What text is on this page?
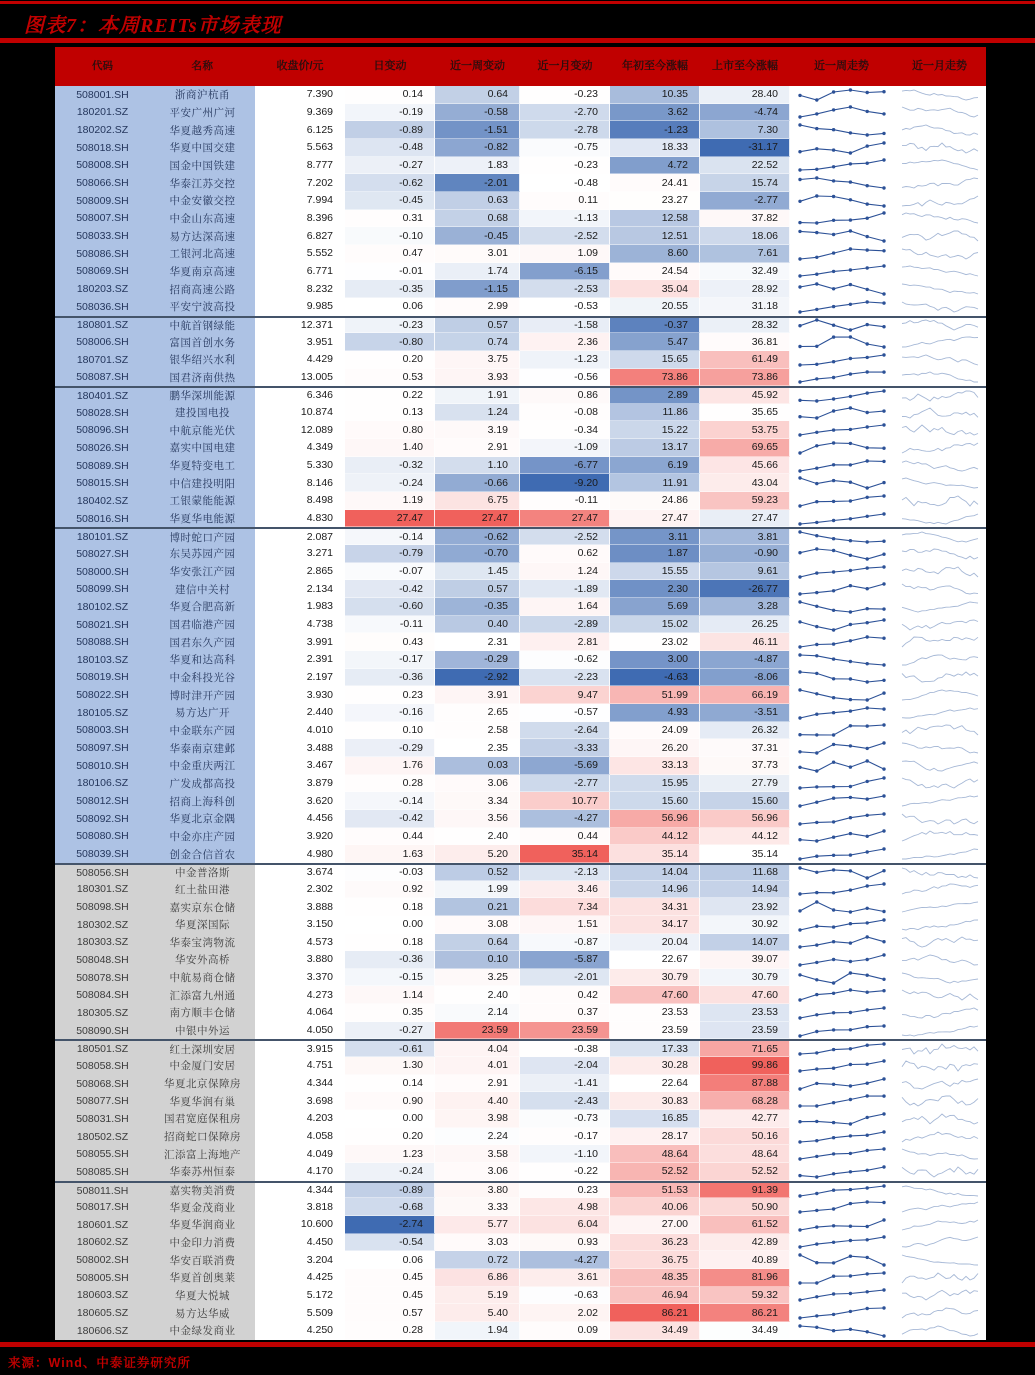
图表7：本周REITs市场表现
代码	名称	收盘价/元	日变动	近一周变动	近一月变动	年初至今涨幅	上市至今涨幅	近一周走势	近一月走势
508001.SH	浙商沪杭甬	7.390	0.14	0.64	-0.23	10.35	28.40
180201.SZ	平安广州广河	9.369	-0.19	-0.58	-2.70	3.62	-4.74
180202.SZ	华夏越秀高速	6.125	-0.89	-1.51	-2.78	-1.23	7.30
508018.SH	华夏中国交建	5.563	-0.48	-0.82	-0.75	18.33	-31.17
508008.SH	国金中国铁建	8.777	-0.27	1.83	-0.23	4.72	22.52
508066.SH	华泰江苏交控	7.202	-0.62	-2.01	-0.48	24.41	15.74
508009.SH	中金安徽交控	7.994	-0.45	0.63	0.11	23.27	-2.77
508007.SH	中金山东高速	8.396	0.31	0.68	-1.13	12.58	37.82
508033.SH	易方达深高速	6.827	-0.10	-0.45	-2.52	12.51	18.06
508086.SH	工银河北高速	5.552	0.47	3.01	1.09	8.60	7.61
508069.SH	华夏南京高速	6.771	-0.01	1.74	-6.15	24.54	32.49
180203.SZ	招商高速公路	8.232	-0.35	-1.15	-2.53	35.04	28.92
508036.SH	平安宁波高投	9.985	0.06	2.99	-0.53	20.55	31.18
180801.SZ	中航首钢绿能	12.371	-0.23	0.57	-1.58	-0.37	28.32
508006.SH	富国首创水务	3.951	-0.80	0.74	2.36	5.47	36.81
180701.SZ	银华绍兴水利	4.429	0.20	3.75	-1.23	15.65	61.49
508087.SH	国君济南供热	13.005	0.53	3.93	-0.56	73.86	73.86
180401.SZ	鹏华深圳能源	6.346	0.22	1.91	0.86	2.89	45.92
508028.SH	建投国电投	10.874	0.13	1.24	-0.08	11.86	35.65
508096.SH	中航京能光伏	12.089	0.80	3.19	-0.34	15.22	53.75
508026.SH	嘉实中国电建	4.349	1.40	2.91	-1.09	13.17	69.65
508089.SH	华夏特变电工	5.330	-0.32	1.10	-6.77	6.19	45.66
508015.SH	中信建投明阳	8.146	-0.24	-0.66	-9.20	11.91	43.04
180402.SZ	工银蒙能能源	8.498	1.19	6.75	-0.11	24.86	59.23
508016.SH	华夏华电能源	4.830	27.47	27.47	27.47	27.47	27.47
180101.SZ	博时蛇口产园	2.087	-0.14	-0.62	-2.52	3.11	3.81
508027.SH	东吴苏园产园	3.271	-0.79	-0.70	0.62	1.87	-0.90
508000.SH	华安张江产园	2.865	-0.07	1.45	1.24	15.55	9.61
508099.SH	建信中关村	2.134	-0.42	0.57	-1.89	2.30	-26.77
180102.SZ	华夏合肥高新	1.983	-0.60	-0.35	1.64	5.69	3.28
508021.SH	国君临港产园	4.738	-0.11	0.40	-2.89	15.02	26.25
508088.SH	国君东久产园	3.991	0.43	2.31	2.81	23.02	46.11
180103.SZ	华夏和达高科	2.391	-0.17	-0.29	-0.62	3.00	-4.87
508019.SH	中金科投光谷	2.197	-0.36	-2.92	-2.23	-4.63	-8.06
508022.SH	博时津开产园	3.930	0.23	3.91	9.47	51.99	66.19
180105.SZ	易方达广开	2.440	-0.16	2.65	-0.57	4.93	-3.51
508003.SH	中金联东产园	4.010	0.10	2.58	-2.64	24.09	26.32
508097.SH	华泰南京建邺	3.488	-0.29	2.35	-3.33	26.20	37.31
508010.SH	中金重庆两江	3.467	1.76	0.03	-5.69	33.13	37.73
180106.SZ	广发成都高投	3.879	0.28	3.06	-2.77	15.95	27.79
508012.SH	招商上海科创	3.620	-0.14	3.34	10.77	15.60	15.60
508092.SH	华夏北京金隅	4.456	-0.42	3.56	-4.27	56.96	56.96
508080.SH	中金亦庄产园	3.920	0.44	2.40	0.44	44.12	44.12
508039.SH	创金合信首农	4.980	1.63	5.20	35.14	35.14	35.14
508056.SH	中金普洛斯	3.674	-0.03	0.52	-2.13	14.04	11.68
180301.SZ	红土盐田港	2.302	0.92	1.99	3.46	14.96	14.94
508098.SH	嘉实京东仓储	3.888	0.18	0.21	7.34	34.31	23.92
180302.SZ	华夏深国际	3.150	0.00	3.08	1.51	34.17	30.92
180303.SZ	华泰宝湾物流	4.573	0.18	0.64	-0.87	20.04	14.07
508048.SH	华安外高桥	3.880	-0.36	0.10	-5.87	22.67	39.07
508078.SH	中航易商仓储	3.370	-0.15	3.25	-2.01	30.79	30.79
508084.SH	汇添富九州通	4.273	1.14	2.40	0.42	47.60	47.60
180305.SZ	南方顺丰仓储	4.064	0.35	2.14	0.37	23.53	23.53
508090.SH	中银中外运	4.050	-0.27	23.59	23.59	23.59	23.59
180501.SZ	红土深圳安居	3.915	-0.61	4.04	-0.38	17.33	71.65
508058.SH	中金厦门安居	4.751	1.30	4.01	-2.04	30.28	99.86
508068.SH	华夏北京保障房	4.344	0.14	2.91	-1.41	22.64	87.88
508077.SH	华夏华润有巢	3.698	0.90	4.40	-2.43	30.83	68.28
508031.SH	国君宽庭保租房	4.203	0.00	3.98	-0.73	16.85	42.77
180502.SZ	招商蛇口保障房	4.058	0.20	2.24	-0.17	28.17	50.16
508055.SH	汇添富上海地产	4.049	1.23	3.58	-1.10	48.64	48.64
508085.SH	华泰苏州恒泰	4.170	-0.24	3.06	-0.22	52.52	52.52
508011.SH	嘉实物美消费	4.344	-0.89	3.80	0.23	51.53	91.39
508017.SH	华夏金茂商业	3.818	-0.68	3.33	4.98	40.06	50.90
180601.SZ	华夏华润商业	10.600	-2.74	5.77	6.04	27.00	61.52
180602.SZ	中金印力消费	4.450	-0.54	3.03	0.93	36.23	42.89
508002.SH	华安百联消费	3.204	0.06	0.72	-4.27	36.75	40.89
508005.SH	华夏首创奥莱	4.425	0.45	6.86	3.61	48.35	81.96
180603.SZ	华夏大悦城	5.172	0.45	5.19	-0.63	46.94	59.32
180605.SZ	易方达华威	5.509	0.57	5.40	2.02	86.21	86.21
180606.SZ	中金绿发商业	4.250	0.28	1.94	0.09	34.49	34.49
来源：Wind、中泰证券研究所
